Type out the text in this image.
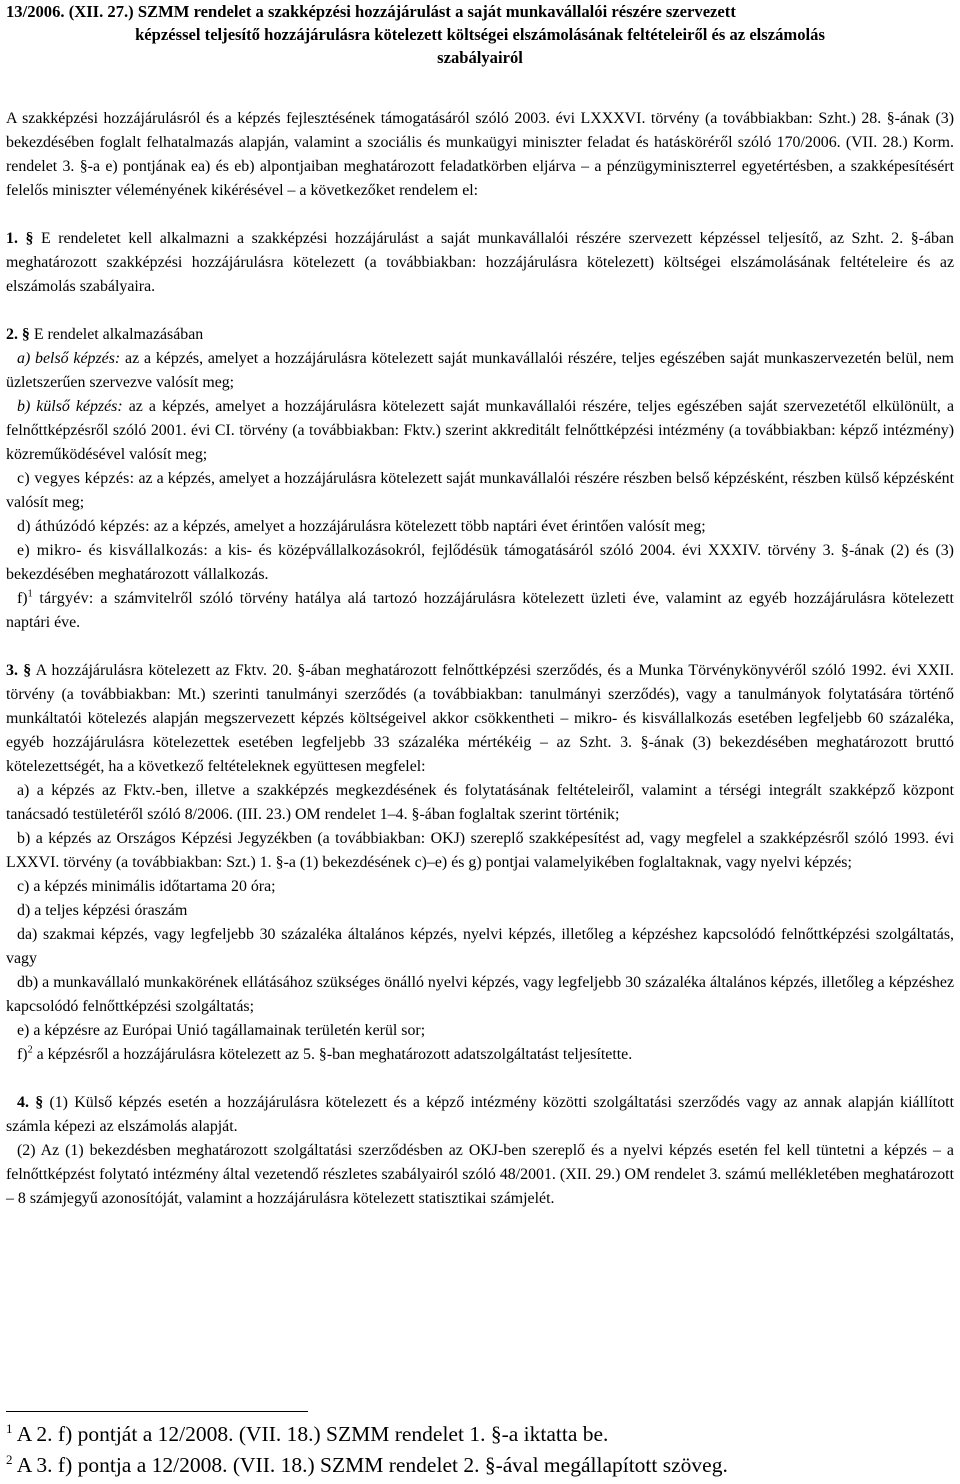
13/2006. (XII. 27.) SZMM rendelet a szakképzési hozzájárulást a saját munkavállalói részére szervezett
képzéssel teljesítő hozzájárulásra kötelezett költségei elszámolásának feltételeiről és az elszámolás
szabályairól

A szakképzési hozzájárulásról és a képzés fejlesztésének támogatásáról szóló 2003. évi LXXXVI. törvény (a továbbiakban: Szht.) 28. §-ának (3) bekezdésében foglalt felhatalmazás alapján, valamint a szociális és munkaügyi miniszter feladat és hatásköréről szóló 170/2006. (VII. 28.) Korm. rendelet 3. §-a e) pontjának ea) és eb) alpontjaiban meghatározott feladatkörben eljárva – a pénzügyminiszterrel egyetértésben, a szakképesítésért felelős miniszter véleményének kikérésével – a következőket rendelem el:

1. § E rendeletet kell alkalmazni a szakképzési hozzájárulást a saját munkavállalói részére szervezett képzéssel teljesítő, az Szht. 2. §-ában meghatározott szakképzési hozzájárulásra kötelezett (a továbbiakban: hozzájárulásra kötelezett) költségei elszámolásának feltételeire és az elszámolás szabályaira.

2. § E rendelet alkalmazásában

a) belső képzés: az a képzés, amelyet a hozzájárulásra kötelezett saját munkavállalói részére, teljes egészében saját munkaszervezetén belül, nem üzletszerűen szervezve valósít meg;

b) külső képzés: az a képzés, amelyet a hozzájárulásra kötelezett saját munkavállalói részére, teljes egészében saját szervezetétől elkülönült, a felnőttképzésről szóló 2001. évi CI. törvény (a továbbiakban: Fktv.) szerint akkreditált felnőttképzési intézmény (a továbbiakban: képző intézmény) közreműködésével valósít meg;

c) vegyes képzés: az a képzés, amelyet a hozzájárulásra kötelezett saját munkavállalói részére részben belső képzésként, részben külső képzésként valósít meg;

d) áthúzódó képzés: az a képzés, amelyet a hozzájárulásra kötelezett több naptári évet érintően valósít meg;

e) mikro- és kisvállalkozás: a kis- és középvállalkozásokról, fejlődésük támogatásáról szóló 2004. évi XXXIV. törvény 3. §-ának (2) és (3) bekezdésében meghatározott vállalkozás.

f)$^1$ tárgyév: a számvitelről szóló törvény hatálya alá tartozó hozzájárulásra kötelezett üzleti éve, valamint az egyéb hozzájárulásra kötelezett naptári éve.

3. § A hozzájárulásra kötelezett az Fktv. 20. §-ában meghatározott felnőttképzési szerződés, és a Munka Törvénykönyvéről szóló 1992. évi XXII. törvény (a továbbiakban: Mt.) szerinti tanulmányi szerződés (a továbbiakban: tanulmányi szerződés), vagy a tanulmányok folytatására történő munkáltatói kötelezés alapján megszervezett képzés költségeivel akkor csökkentheti – mikro- és kisvállalkozás esetében legfeljebb 60 százaléka, egyéb hozzájárulásra kötelezettek esetében legfeljebb 33 százaléka mértékéig – az Szht. 3. §-ának (3) bekezdésében meghatározott bruttó kötelezettségét, ha a következő feltételeknek együttesen megfelel:

a) a képzés az Fktv.-ben, illetve a szakképzés megkezdésének és folytatásának feltételeiről, valamint a térségi integrált szakképző központ tanácsadó testületéről szóló 8/2006. (III. 23.) OM rendelet 1–4. §-ában foglaltak szerint történik;

b) a képzés az Országos Képzési Jegyzékben (a továbbiakban: OKJ) szereplő szakképesítést ad, vagy megfelel a szakképzésről szóló 1993. évi LXXVI. törvény (a továbbiakban: Szt.) 1. §-a (1) bekezdésének c)–e) és g) pontjai valamelyikében foglaltaknak, vagy nyelvi képzés;

c) a képzés minimális időtartama 20 óra;

d) a teljes képzési óraszám

da) szakmai képzés, vagy legfeljebb 30 százaléka általános képzés, nyelvi képzés, illetőleg a képzéshez kapcsolódó felnőttképzési szolgáltatás, vagy

db) a munkavállaló munkakörének ellátásához szükséges önálló nyelvi képzés, vagy legfeljebb 30 százaléka általános képzés, illetőleg a képzéshez kapcsolódó felnőttképzési szolgáltatás;

e) a képzésre az Európai Unió tagállamainak területén kerül sor;

f)$^2$ a képzésről a hozzájárulásra kötelezett az 5. §-ban meghatározott adatszolgáltatást teljesítette.

4. § (1) Külső képzés esetén a hozzájárulásra kötelezett és a képző intézmény közötti szolgáltatási szerződés vagy az annak alapján kiállított számla képezi az elszámolás alapját.

(2) Az (1) bekezdésben meghatározott szolgáltatási szerződésben az OKJ-ben szereplő és a nyelvi képzés esetén fel kell tüntetni a képzés – a felnőttképzést folytató intézmény által vezetendő részletes szabályairól szóló 48/2001. (XII. 29.) OM rendelet 3. számú mellékletében meghatározott – 8 számjegyű azonosítóját, valamint a hozzájárulásra kötelezett statisztikai számjelét.

$^1$ A 2. f) pontját a 12/2008. (VII. 18.) SZMM rendelet 1. §-a iktatta be.

$^2$ A 3. f) pontja a 12/2008. (VII. 18.) SZMM rendelet 2. §-ával megállapított szöveg.
